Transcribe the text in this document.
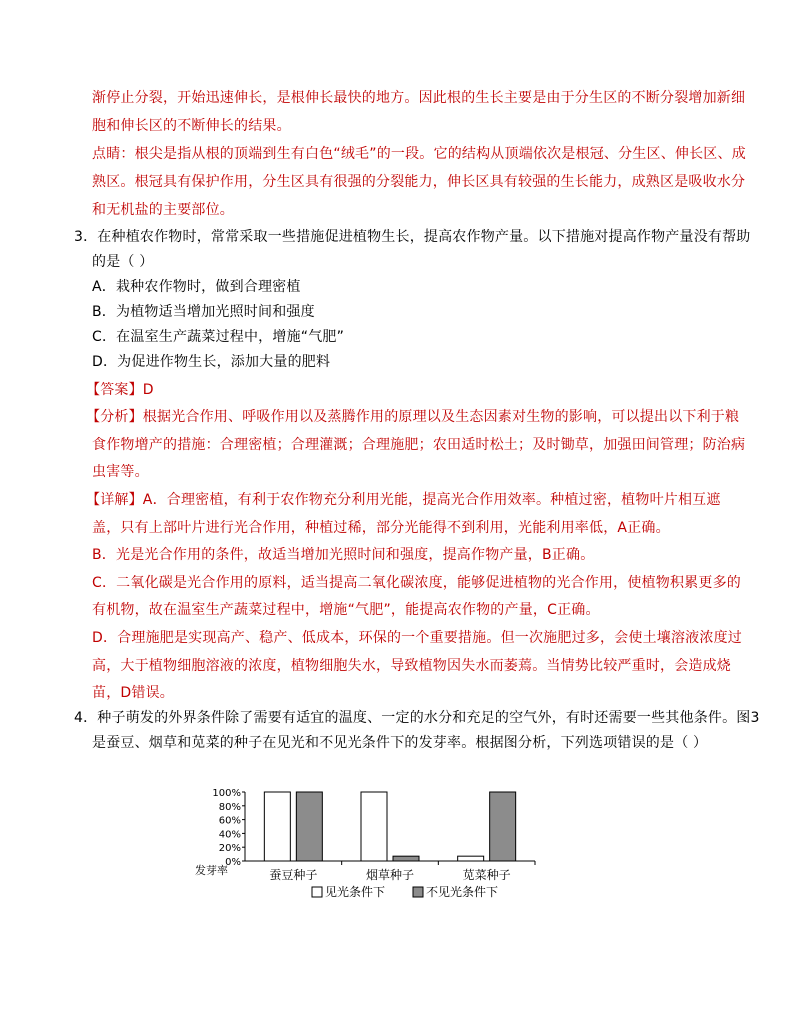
渐停止分裂，开始迅速伸长，是根伸长最快的地方。因此根的生长主要是由于分生区的不断分裂增加新细
胞和伸长区的不断伸长的结果。
点睛：根尖是指从根的顶端到生有白色“绒毛”的一段。它的结构从顶端依次是根冠、分生区、伸长区、成
熟区。根冠具有保护作用，分生区具有很强的分裂能力，伸长区具有较强的生长能力，成熟区是吸收水分
和无机盐的主要部位。
3．在种植农作物时，常常采取一些措施促进植物生长，提高农作物产量。以下措施对提高作物产量没有帮助
的是（ ）
A．栽种农作物时，做到合理密植
B．为植物适当增加光照时间和强度
C．在温室生产蔬菜过程中，增施“气肥”
D．为促进作物生长，添加大量的肥料
【答案】D
【分析】根据光合作用、呼吸作用以及蒸腾作用的原理以及生态因素对生物的影响，可以提出以下利于粮
食作物增产的措施：合理密植；合理灌溉；合理施肥；农田适时松土；及时锄草，加强田间管理；防治病
虫害等。
【详解】A．合理密植，有利于农作物充分利用光能，提高光合作用效率。种植过密，植物叶片相互遮
盖，只有上部叶片进行光合作用，种植过稀，部分光能得不到利用，光能利用率低，A正确。
B．光是光合作用的条件，故适当增加光照时间和强度，提高作物产量，B正确。
C．二氧化碳是光合作用的原料，适当提高二氧化碳浓度，能够促进植物的光合作用，使植物积累更多的
有机物，故在温室生产蔬菜过程中，增施“气肥”，能提高农作物的产量，C正确。
D．合理施肥是实现高产、稳产、低成本，环保的一个重要措施。但一次施肥过多，会使土壤溶液浓度过
高，大于植物细胞溶液的浓度，植物细胞失水，导致植物因失水而萎蔫。当情势比较严重时，会造成烧
苗，D错误。
4．种子萌发的外界条件除了需要有适宜的温度、一定的水分和充足的空气外，有时还需要一些其他条件。图3
是蚕豆、烟草和苋菜的种子在见光和不见光条件下的发芽率。根据图分析，下列选项错误的是（ ）
0%
20%
40%
60%
80%
100%
蚕豆种子	烟草种子	苋菜种子
见光条件下	不见光条件下
发芽率
